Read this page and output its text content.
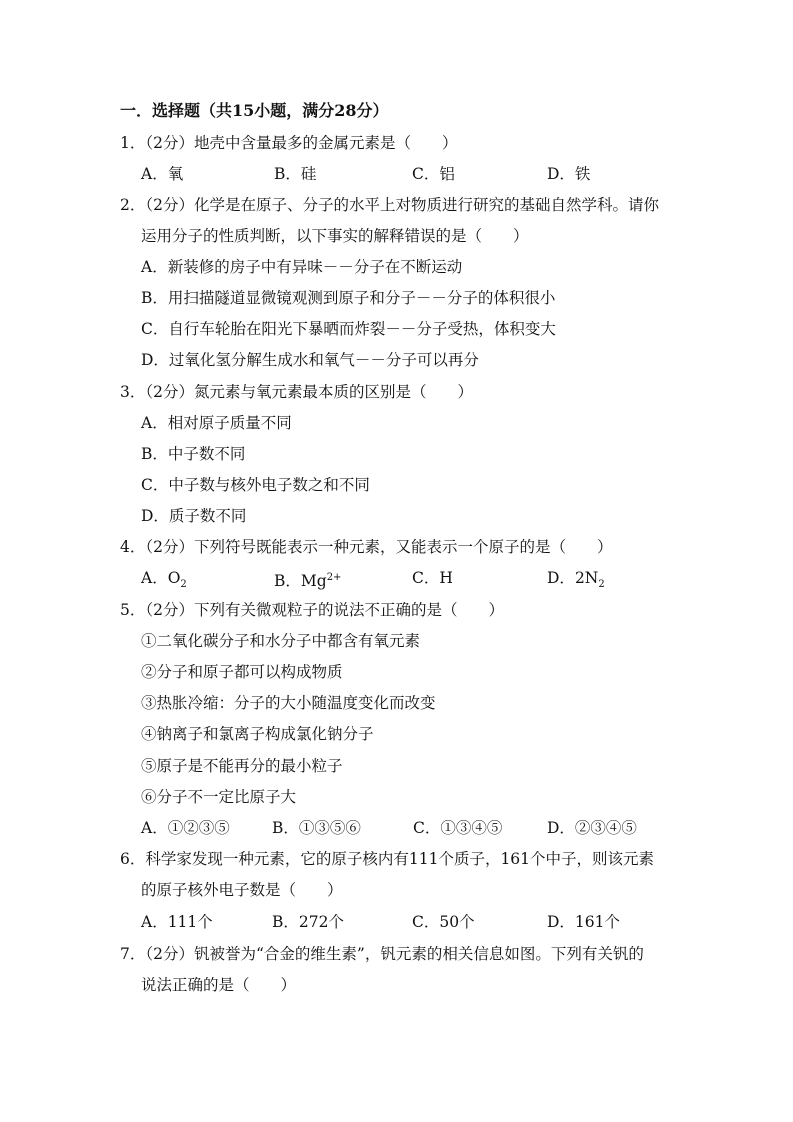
一．选择题（共15小题，满分28分）
1．（2分）地壳中含量最多的金属元素是（　　）
A．氧	B．硅	C．铝	D．铁
2．（2分）化学是在原子、分子的水平上对物质进行研究的基础自然学科。请你
运用分子的性质判断，以下事实的解释错误的是（　　）
A．新装修的房子中有异味－－分子在不断运动
B．用扫描隧道显微镜观测到原子和分子－－分子的体积很小
C．自行车轮胎在阳光下暴晒而炸裂－－分子受热，体积变大
D．过氧化氢分解生成水和氧气－－分子可以再分
3．（2分）氮元素与氧元素最本质的区别是（　　）
A．相对原子质量不同
B．中子数不同
C．中子数与核外电子数之和不同
D．质子数不同
4．（2分）下列符号既能表示一种元素，又能表示一个原子的是（　　）
A．$O_2$	B．$Mg^{2+}$	C．H	D．$2N_2$
5．（2分）下列有关微观粒子的说法不正确的是（　　）
①二氧化碳分子和水分子中都含有氧元素
②分子和原子都可以构成物质
③热胀冷缩：分子的大小随温度变化而改变
④钠离子和氯离子构成氯化钠分子
⑤原子是不能再分的最小粒子
⑥分子不一定比原子大
A．①②③⑤	B．①③⑤⑥	C．①③④⑤	D．②③④⑤
6．科学家发现一种元素，它的原子核内有111个质子，161个中子，则该元素
的原子核外电子数是（　　）
A．111个	B．272个	C．50个	D．161个
7．（2分）钒被誉为“合金的维生素”，钒元素的相关信息如图。下列有关钒的
说法正确的是（　　）
